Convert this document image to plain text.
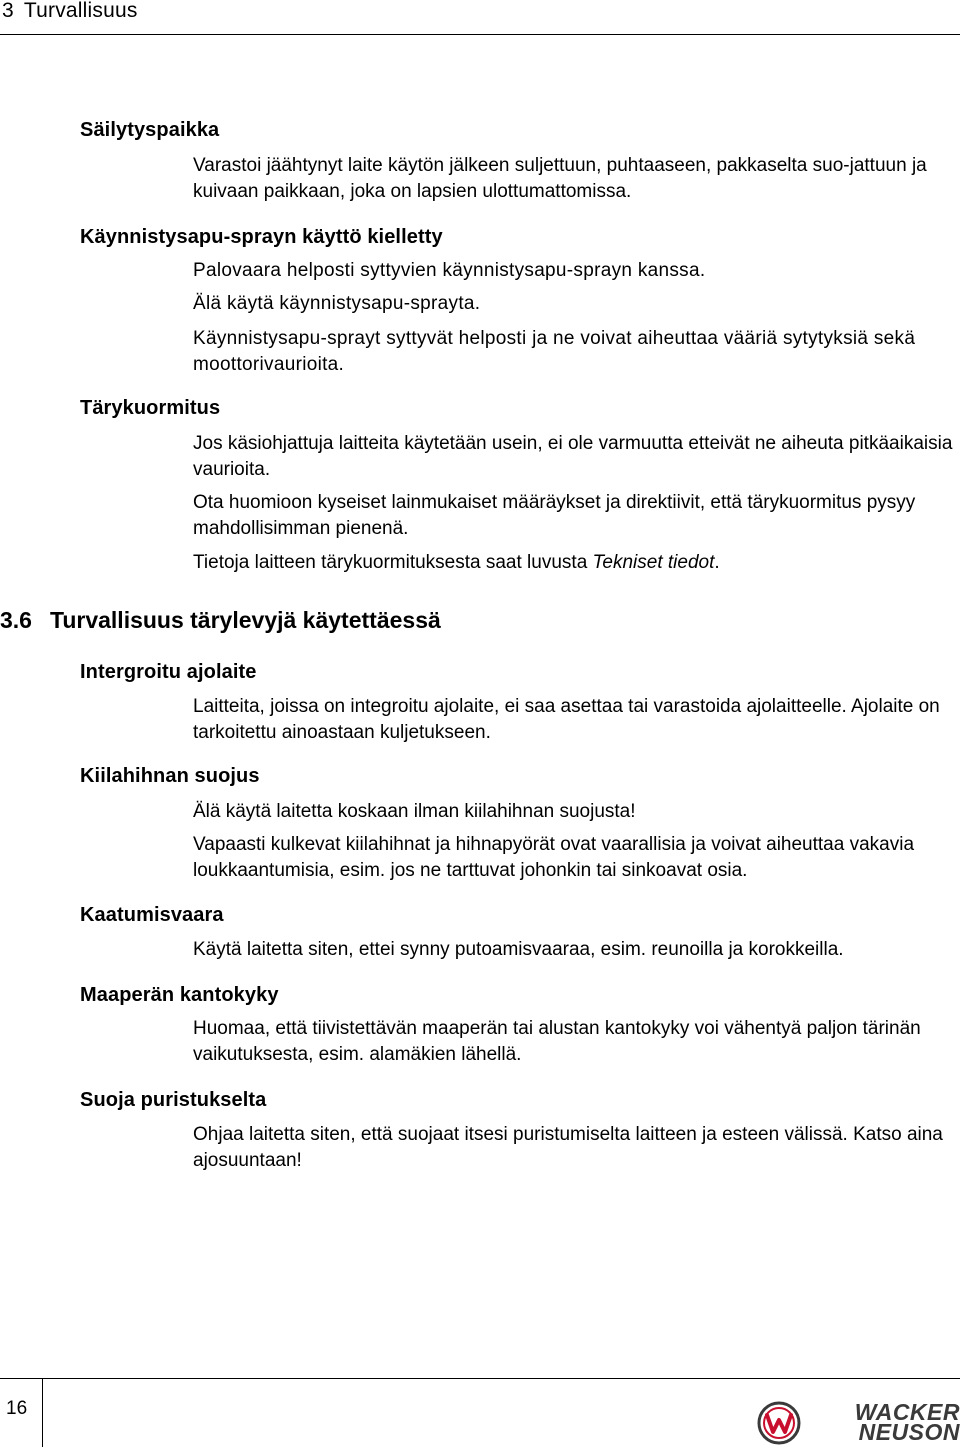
3 Turvallisuus
Säilytyspaikka

Varastoi jäähtynyt laite käytön jälkeen suljettuun, puhtaaseen, pakkaselta suo-jattuun ja kuivaan paikkaan, joka on lapsien ulottumattomissa.

Käynnistysapu-sprayn käyttö kielletty

Palovaara helposti syttyvien käynnistysapu-sprayn kanssa.

Älä käytä käynnistysapu-sprayta.

Käynnistysapu-sprayt syttyvät helposti ja ne voivat aiheuttaa vääriä sytytyksiä sekä moottorivaurioita.

Tärykuormitus

Jos käsiohjattuja laitteita käytetään usein, ei ole varmuutta etteivät ne aiheuta pitkäaikaisia vaurioita.

Ota huomioon kyseiset lainmukaiset määräykset ja direktiivit, että tärykuormitus pysyy mahdollisimman pienenä.

Tietoja laitteen tärykuormituksesta saat luvusta Tekniset tiedot.

3.6 Turvallisuus tärylevyjä käytettäessä
Intergroitu ajolaite

Laitteita, joissa on integroitu ajolaite, ei saa asettaa tai varastoida ajolaitteelle. Ajolaite on tarkoitettu ainoastaan kuljetukseen.

Kiilahihnan suojus

Älä käytä laitetta koskaan ilman kiilahihnan suojusta!

Vapaasti kulkevat kiilahihnat ja hihnapyörät ovat vaarallisia ja voivat aiheuttaa vakavia loukkaantumisia, esim. jos ne tarttuvat johonkin tai sinkoavat osia.

Kaatumisvaara

Käytä laitetta siten, ettei synny putoamisvaaraa, esim. reunoilla ja korokkeilla.

Maaperän kantokyky

Huomaa, että tiivistettävän maaperän tai alustan kantokyky voi vähentyä paljon tärinän vaikutuksesta, esim. alamäkien lähellä.

Suoja puristukselta

Ohjaa laitetta siten, että suojaat itsesi puristumiselta laitteen ja esteen välissä. Katso aina ajosuuntaan!

16	WACKER
NEUSON
